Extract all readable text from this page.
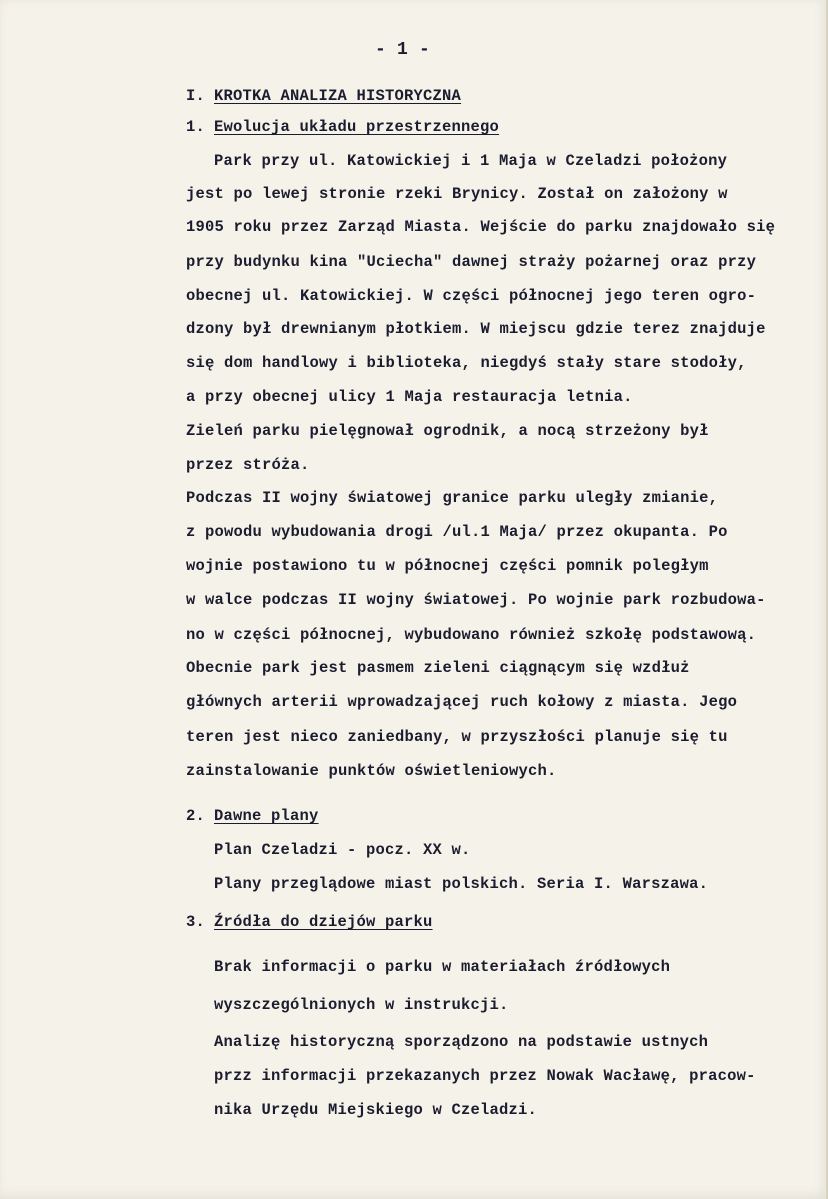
- 1 -
I. KROTKA ANALIZA HISTORYCZNA
1. Ewolucja układu przestrzennego
Park przy ul. Katowickiej i 1 Maja w Czeladzi położony
jest po lewej stronie rzeki Brynicy. Został on założony w
1905 roku przez Zarząd Miasta. Wejście do parku znajdowało się
przy budynku kina "Uciecha" dawnej straży pożarnej oraz przy
obecnej ul. Katowickiej. W części północnej jego teren ogro-
dzony był drewnianym płotkiem. W miejscu gdzie terez znajduje
się dom handlowy i biblioteka, niegdyś stały stare stodoły,
a przy obecnej ulicy 1 Maja restauracja letnia.
Zieleń parku pielęgnował ogrodnik, a nocą strzeżony był
przez stróża.
Podczas II wojny światowej granice parku uległy zmianie,
z powodu wybudowania drogi /ul.1 Maja/ przez okupanta. Po
wojnie postawiono tu w północnej części pomnik poległym
w walce podczas II wojny światowej. Po wojnie park rozbudowa-
no w części północnej, wybudowano również szkołę podstawową.
Obecnie park jest pasmem zieleni ciągnącym się wzdłuż
głównych arterii wprowadzającej ruch kołowy z miasta. Jego
teren jest nieco zaniedbany, w przyszłości planuje się tu
zainstalowanie punktów oświetleniowych.
2. Dawne plany
Plan Czeladzi - pocz. XX w.
Plany przeglądowe miast polskich. Seria I. Warszawa.
3. Źródła do dziejów parku
Brak informacji o parku w materiałach źródłowych
wyszczególnionych w instrukcji.
Analizę historyczną sporządzono na podstawie ustnych
przz informacji przekazanych przez Nowak Wacławę, pracow-
nika Urzędu Miejskiego w Czeladzi.
